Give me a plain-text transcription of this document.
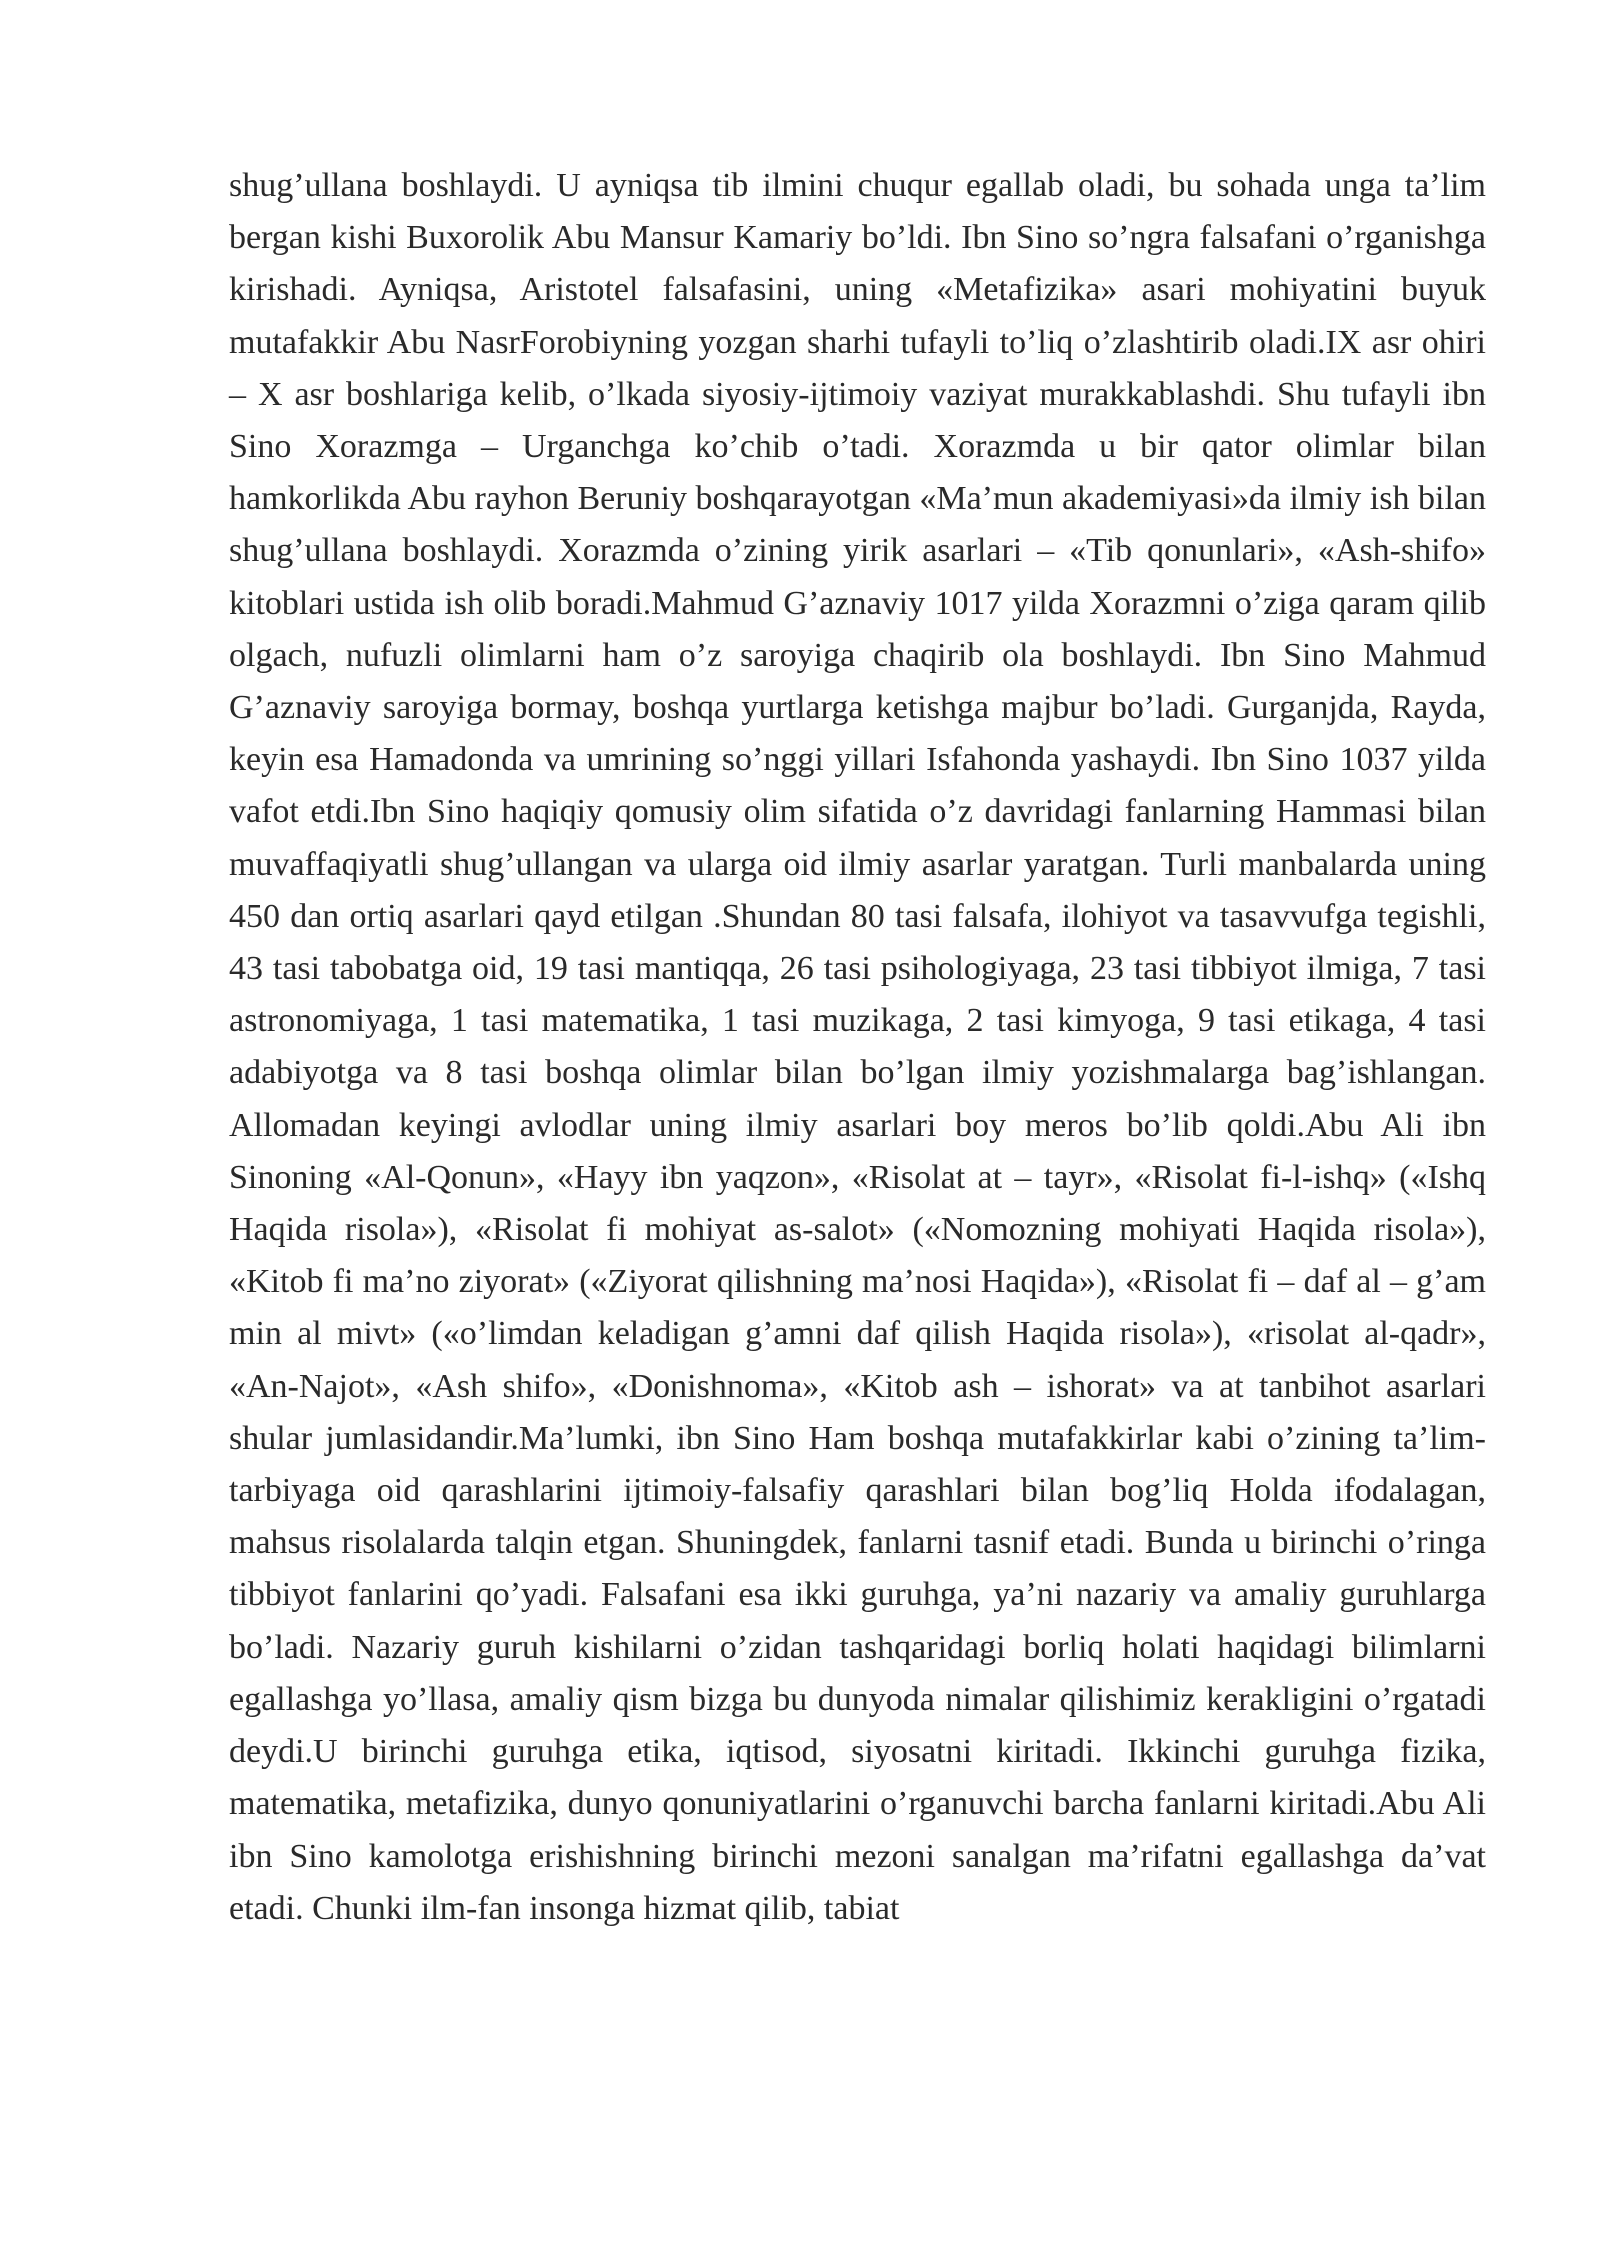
shug’ullana boshlaydi. U ayniqsa tib ilmini chuqur egallab oladi, bu sohada unga ta’lim bergan kishi Buxorolik Abu Mansur Kamariy bo’ldi. Ibn Sino so’ngra falsafani o’rganishga kirishadi. Ayniqsa, Aristotel falsafasini, uning «Metafizika» asari mohiyatini buyuk mutafakkir Abu NasrForobiyning yozgan sharhi tufayli to’liq o’zlashtirib oladi.IX asr ohiri – X asr boshlariga kelib, o’lkada siyosiy-ijtimoiy vaziyat murakkablashdi. Shu tufayli ibn Sino Xorazmga – Urganchga ko’chib o’tadi. Xorazmda u bir qator olimlar bilan hamkorlikda Abu rayhon Beruniy boshqarayotgan «Ma’mun akademiyasi»da ilmiy ish bilan shug’ullana boshlaydi. Xorazmda o’zining yirik asarlari – «Tib qonunlari», «Ash-shifo» kitoblari ustida ish olib boradi.Mahmud G’aznaviy 1017 yilda Xorazmni o’ziga qaram qilib olgach, nufuzli olimlarni ham o’z saroyiga chaqirib ola boshlaydi. Ibn Sino Mahmud G’aznaviy saroyiga bormay, boshqa yurtlarga ketishga majbur bo’ladi. Gurganjda, Rayda, keyin esa Hamadonda va umrining so’nggi yillari Isfahonda yashaydi. Ibn Sino 1037 yilda vafot etdi.Ibn Sino haqiqiy qomusiy olim sifatida o’z davridagi fanlarning Hammasi bilan muvaffaqiyatli shug’ullangan va ularga oid ilmiy asarlar yaratgan. Turli manbalarda uning 450 dan ortiq asarlari qayd etilgan .Shundan 80 tasi falsafa, ilohiyot va tasavvufga tegishli, 43 tasi tabobatga oid, 19 tasi mantiqqa, 26 tasi psihologiyaga, 23 tasi tibbiyot ilmiga, 7 tasi astronomiyaga, 1 tasi matematika, 1 tasi muzikaga, 2 tasi kimyoga, 9 tasi etikaga, 4 tasi adabiyotga va 8 tasi boshqa olimlar bilan bo’lgan ilmiy yozishmalarga bag’ishlangan. Allomadan keyingi avlodlar uning ilmiy asarlari boy meros bo’lib qoldi.Abu Ali ibn Sinoning «Al-Qonun», «Hayy ibn yaqzon», «Risolat at – tayr», «Risolat fi-l-ishq» («Ishq Haqida risola»), «Risolat fi mohiyat as-salot» («Nomozning mohiyati Haqida risola»), «Kitob fi ma’no ziyorat» («Ziyorat qilishning ma’nosi Haqida»), «Risolat fi – daf al – g’am min al mivt» («o’limdan keladigan g’amni daf qilish Haqida risola»), «risolat al-qadr», «An-Najot», «Ash shifo», «Donishnoma», «Kitob ash – ishorat» va at tanbihot asarlari shular jumlasidandir.Ma’lumki, ibn Sino Ham boshqa mutafakkirlar kabi o’zining ta’lim-tarbiyaga oid qarashlarini ijtimoiy-falsafiy qarashlari bilan bog’liq Holda ifodalagan, mahsus risolalarda talqin etgan. Shuningdek, fanlarni tasnif etadi. Bunda u birinchi o’ringa tibbiyot fanlarini qo’yadi. Falsafani esa ikki guruhga, ya’ni nazariy va amaliy guruhlarga bo’ladi. Nazariy guruh kishilarni o’zidan tashqaridagi borliq holati haqidagi bilimlarni egallashga yo’llasa, amaliy qism bizga bu dunyoda nimalar qilishimiz kerakligini o’rgatadi deydi.U birinchi guruhga etika, iqtisod, siyosatni kiritadi. Ikkinchi guruhga fizika, matematika, metafizika, dunyo qonuniyatlarini o’rganuvchi barcha fanlarni kiritadi.Abu Ali ibn Sino kamolotga erishishning birinchi mezoni sanalgan ma’rifatni egallashga da’vat etadi. Chunki ilm-fan insonga hizmat qilib, tabiat
